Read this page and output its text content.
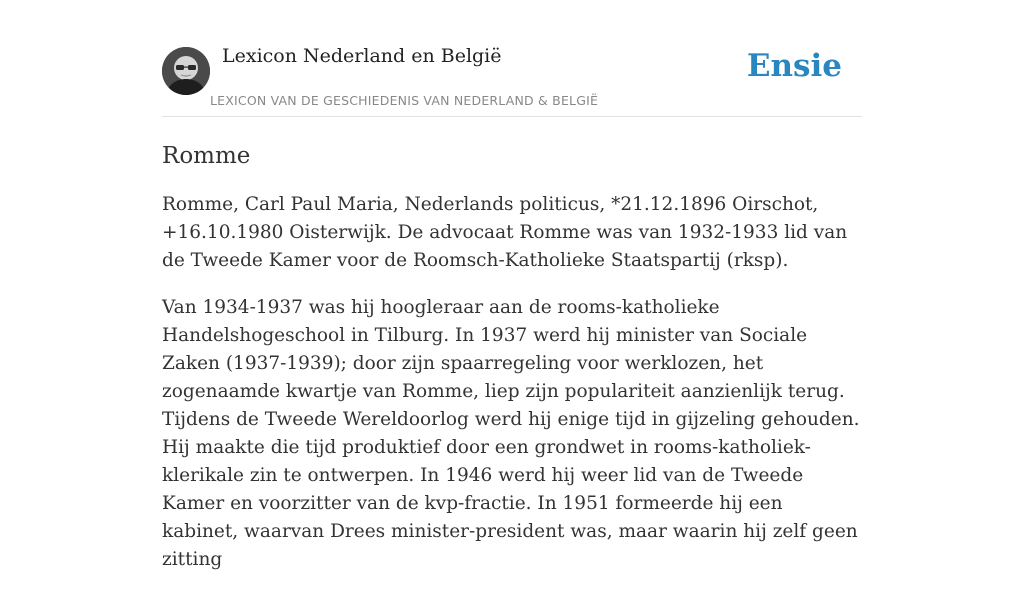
Lexicon Nederland en België
LEXICON VAN DE GESCHIEDENIS VAN NEDERLAND & BELGIË
Ensie
Romme

Romme, Carl Paul Maria, Nederlands politicus, *21.12.1896 Oirschot, +16.10.1980 Oisterwijk. De advocaat Romme was van 1932-1933 lid van de Tweede Kamer voor de Roomsch-Katholieke Staatspartij (rksp).

Van 1934-1937 was hij hoogleraar aan de rooms-katholieke Handelshogeschool in Tilburg. In 1937 werd hij minister van Sociale Zaken (1937-1939); door zijn spaarregeling voor werklozen, het zogenaamde kwartje van Romme, liep zijn populariteit aanzienlijk terug. Tijdens de Tweede Wereldoorlog werd hij enige tijd in gijzeling gehouden. Hij maakte die tijd produktief door een grondwet in rooms-katholiek-klerikale zin te ontwerpen. In 1946 werd hij weer lid van de Tweede Kamer en voorzitter van de kvp-fractie. In 1951 formeerde hij een kabinet, waarvan Drees minister-president was, maar waarin hij zelf geen zitting
